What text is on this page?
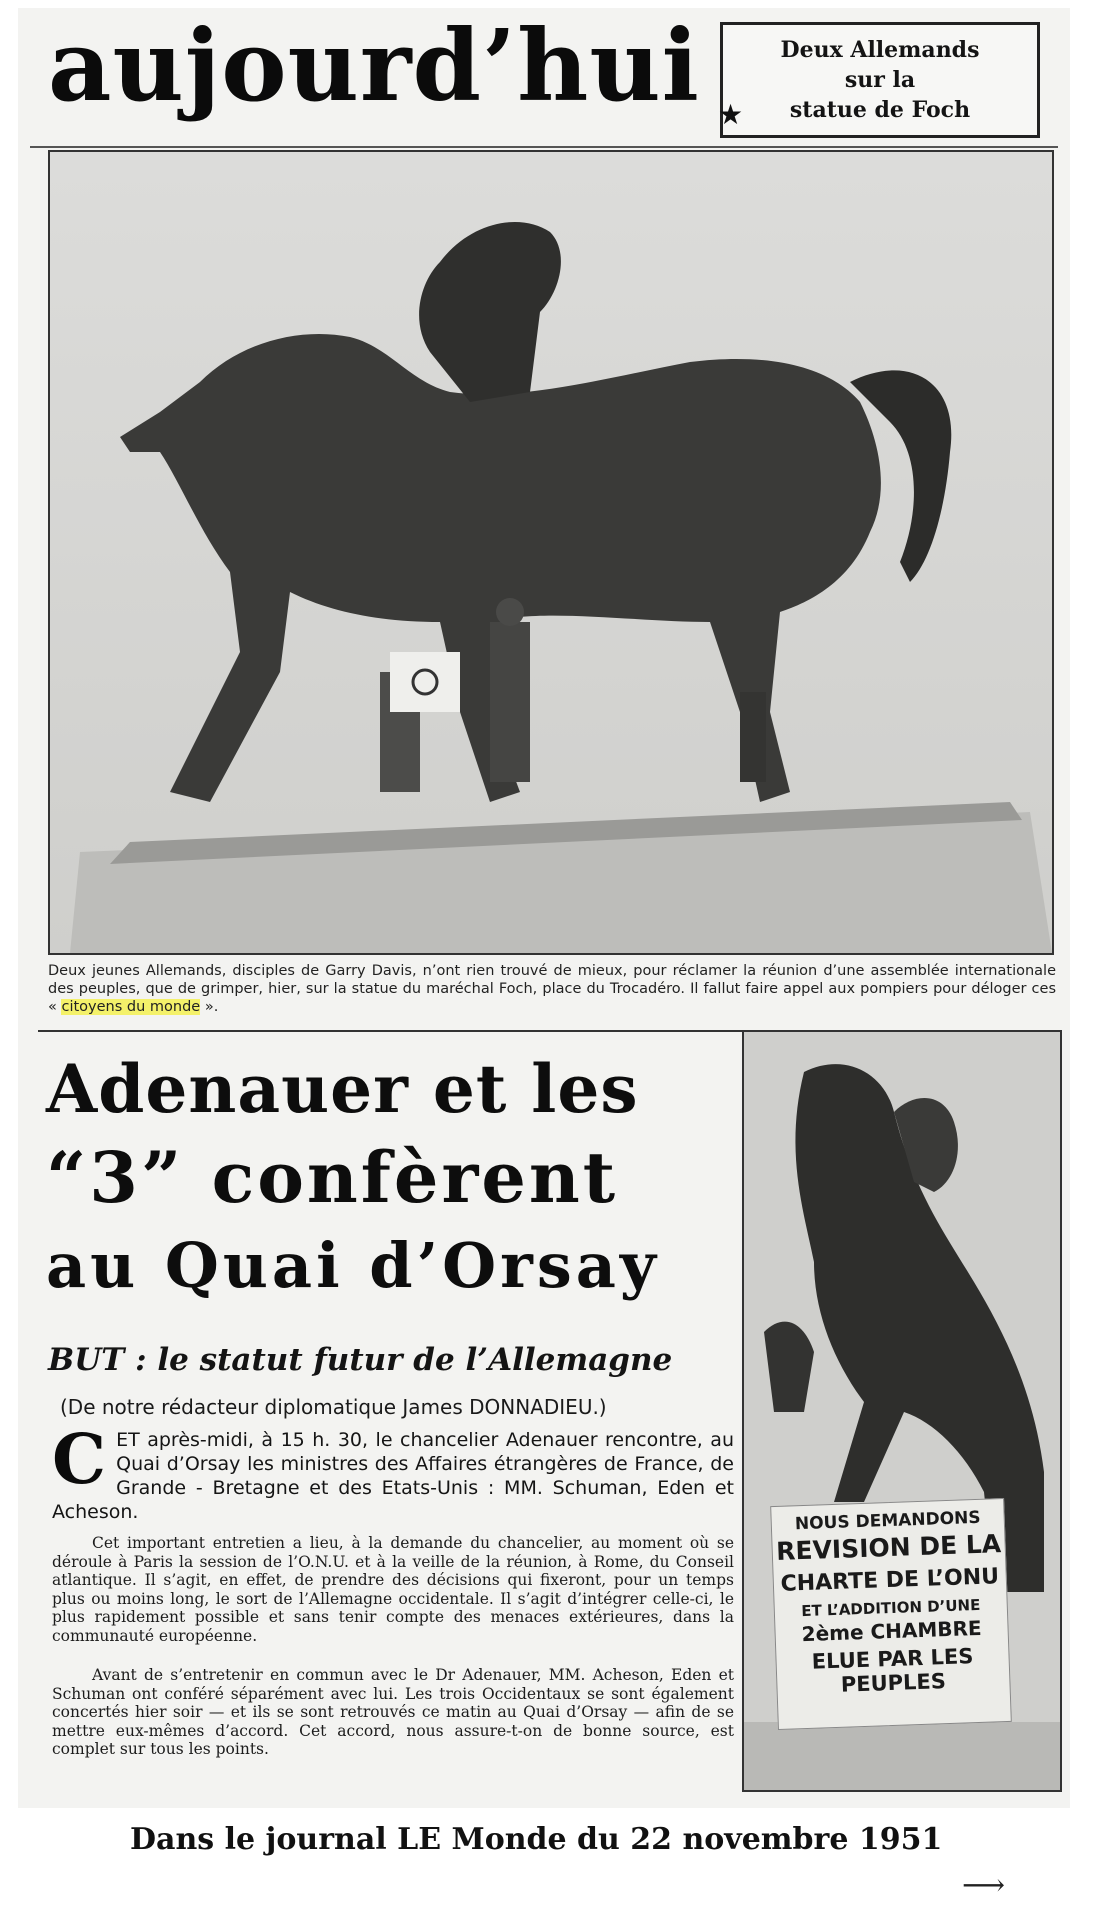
aujourd’hui	Deux Allemands
sur la
statue de Foch
★
Deux jeunes Allemands, disciples de Garry Davis, n’ont rien trouvé de mieux, pour réclamer la réunion d’une assemblée internationale des peuples, que de grimper, hier, sur la statue du maréchal Foch, place du Trocadéro. Il fallut faire appel aux pompiers pour déloger ces « citoyens du monde ».
Adenauer et les
“3” confèrent
au Quai d’Orsay
BUT : le statut futur de l’Allemagne
(De notre rédacteur diplomatique James DONNADIEU.)
CET après-midi, à 15 h. 30, le chancelier Adenauer rencontre, au Quai d’Orsay les ministres des Affaires étrangères de France, de Grande - Bretagne et des Etats-Unis : MM. Schuman, Eden et Acheson.

Cet important entretien a lieu, à la demande du chancelier, au moment où se déroule à Paris la session de l’O.N.U. et à la veille de la réunion, à Rome, du Conseil atlantique. Il s’agit, en effet, de prendre des décisions qui fixeront, pour un temps plus ou moins long, le sort de l’Allemagne occidentale. Il s’agit d’intégrer celle-ci, le plus rapidement possible et sans tenir compte des menaces extérieures, dans la communauté européenne.

Avant de s’entretenir en commun avec le Dr Adenauer, MM. Acheson, Eden et Schuman ont conféré séparément avec lui. Les trois Occidentaux se sont également concertés hier soir — et ils se sont retrouvés ce matin au Quai d’Orsay — afin de se mettre eux-mêmes d’accord. Cet accord, nous assure-t-on de bonne source, est complet sur tous les points.

NOUS DEMANDONS
REVISION DE LA
CHARTE DE L’ONU
ET L’ADDITION D’UNE
2ème CHAMBRE
ELUE PAR LES PEUPLES
Dans le journal LE Monde du 22 novembre 1951
⟶
